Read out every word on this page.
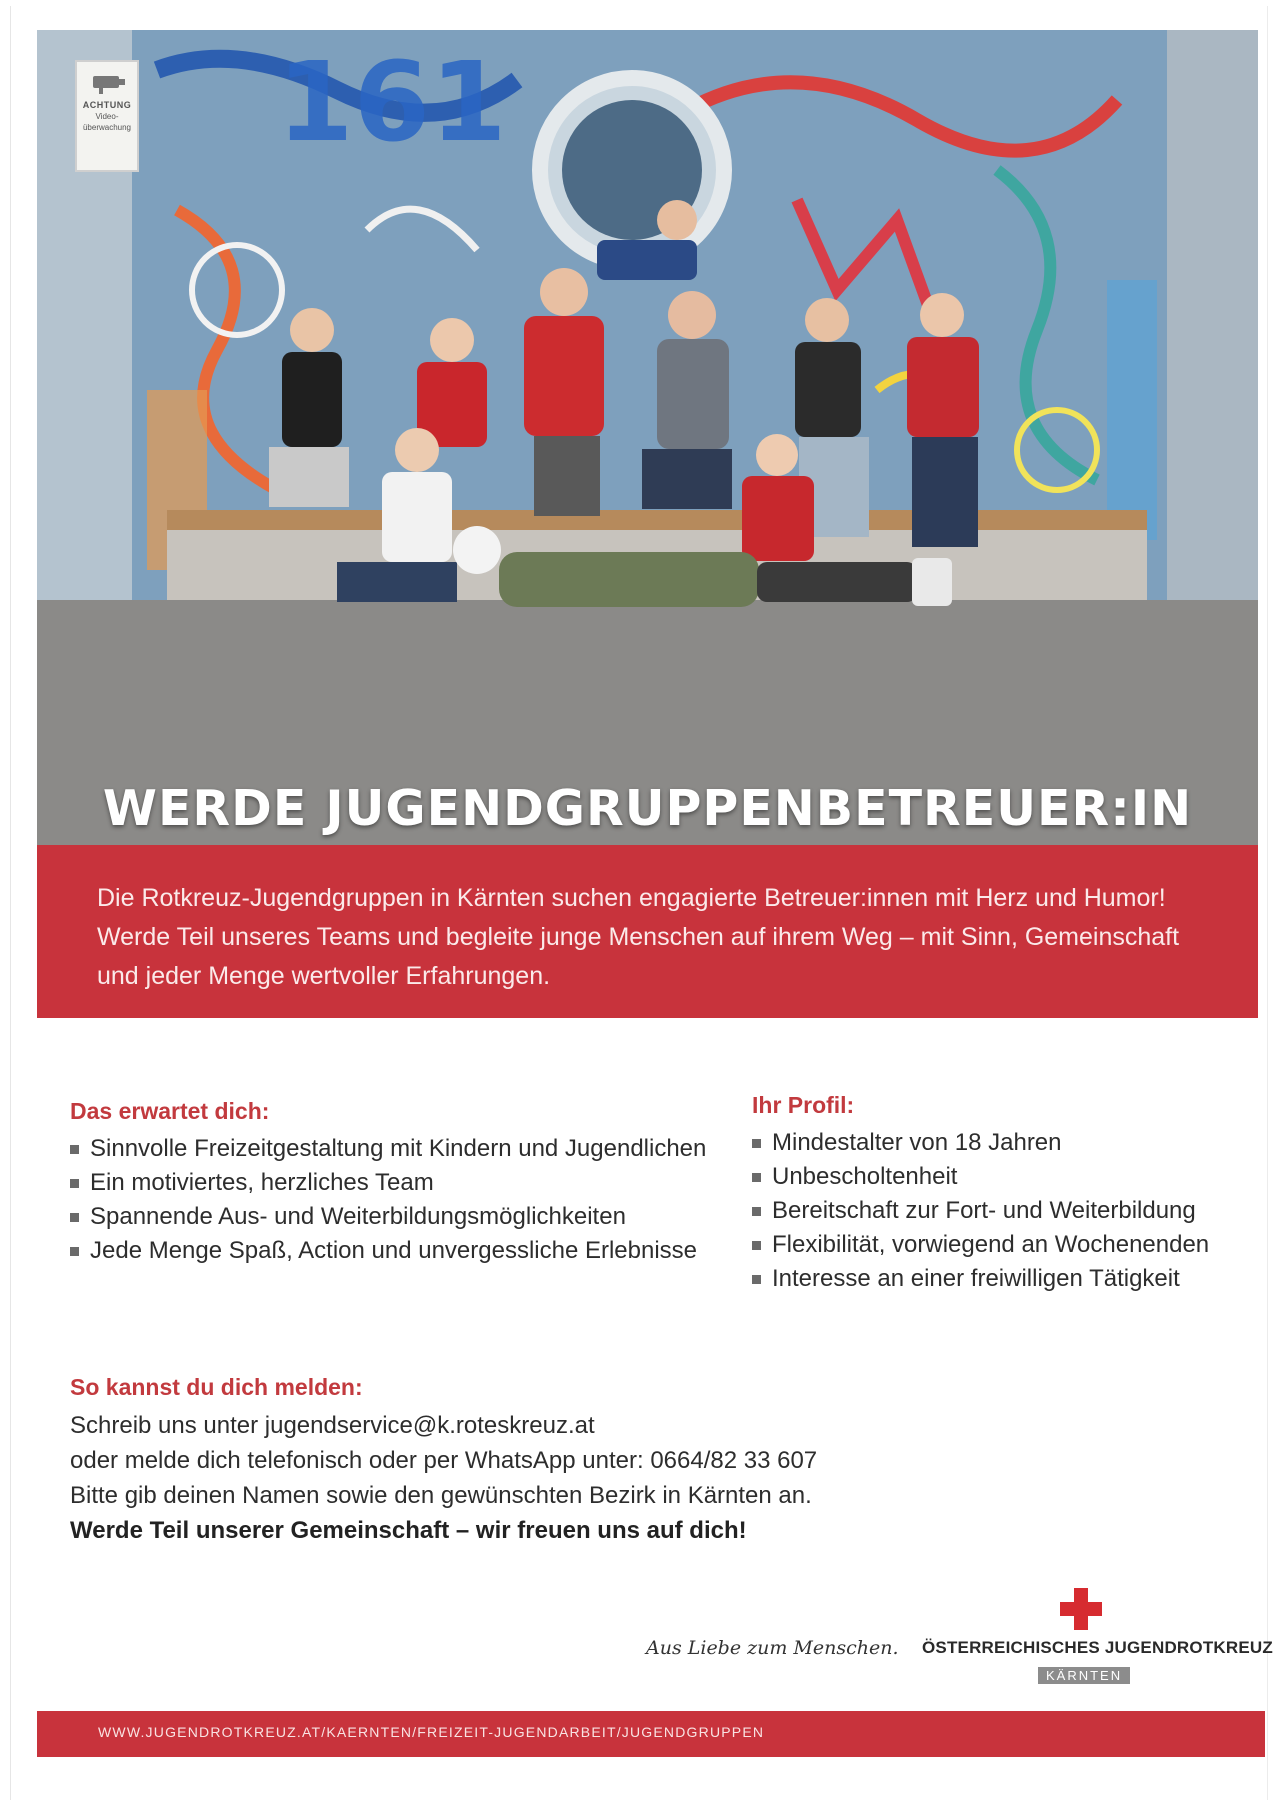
161
ACHTUNG
Video-überwachung
WERDE JUGENDGRUPPENBETREUER:IN

Die Rotkreuz-Jugendgruppen in Kärnten suchen engagierte Betreuer:innen mit Herz und Humor! Werde Teil unseres Teams und begleite junge Menschen auf ihrem Weg – mit Sinn, Gemeinschaft und jeder Menge wertvoller Erfahrungen.

Das erwartet dich:
Sinnvolle Freizeitgestaltung mit Kindern und Jugendlichen
Ein motiviertes, herzliches Team
Spannende Aus- und Weiterbildungsmöglichkeiten
Jede Menge Spaß, Action und unvergessliche Erlebnisse
Ihr Profil:
Mindestalter von 18 Jahren
Unbescholtenheit
Bereitschaft zur Fort- und Weiterbildung
Flexibilität, vorwiegend an Wochenenden
Interesse an einer freiwilligen Tätigkeit
So kannst du dich melden:
Schreib uns unter jugendservice@k.roteskreuz.at
oder melde dich telefonisch oder per WhatsApp unter: 0664/82 33 607
Bitte gib deinen Namen sowie den gewünschten Bezirk in Kärnten an.
Werde Teil unserer Gemeinschaft – wir freuen uns auf dich!
Aus Liebe zum Menschen. ÖSTERREICHISCHES JUGENDROTKREUZ
KÄRNTEN
WWW.JUGENDROTKREUZ.AT/KAERNTEN/FREIZEIT-JUGENDARBEIT/JUGENDGRUPPEN
